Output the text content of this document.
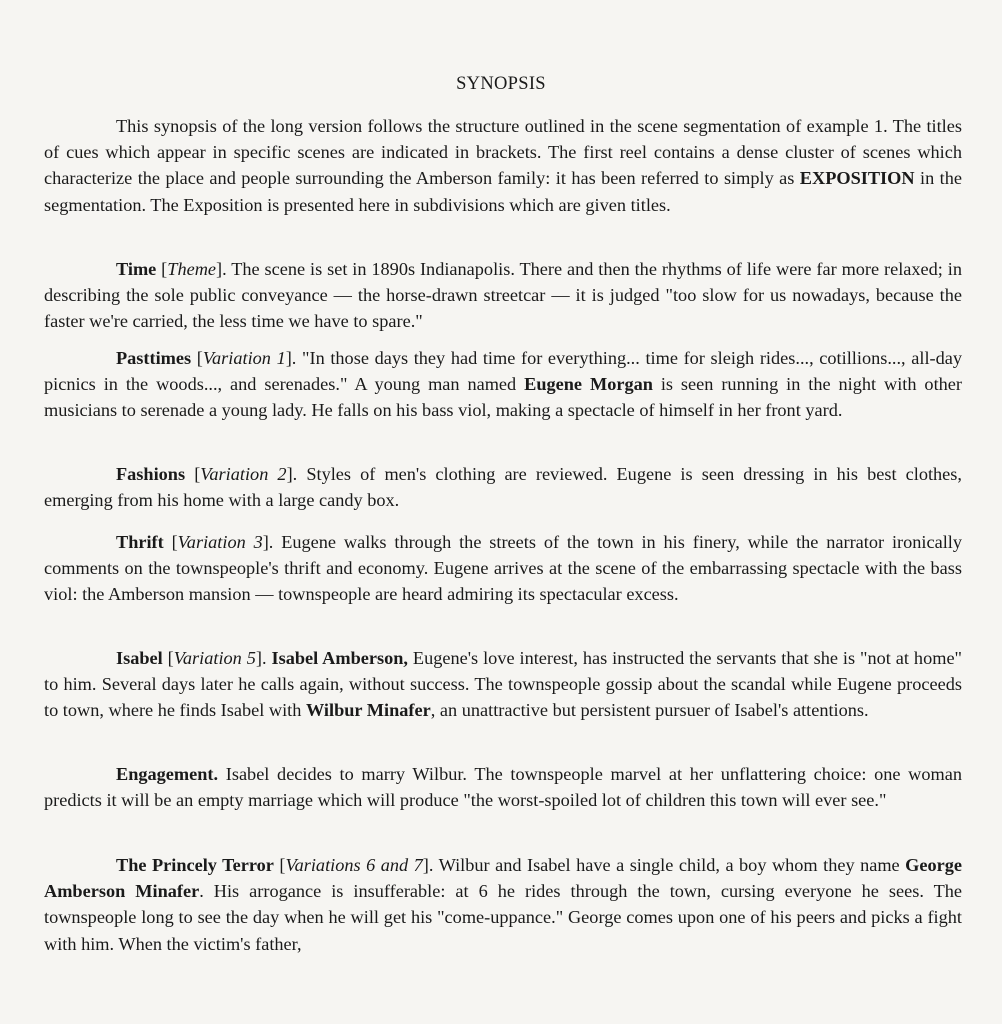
SYNOPSIS

This synopsis of the long version follows the structure outlined in the scene segmentation of example 1. The titles of cues which appear in specific scenes are indicated in brackets. The first reel contains a dense cluster of scenes which characterize the place and people surrounding the Amberson family: it has been referred to simply as EXPOSITION in the segmentation. The Exposition is presented here in subdivisions which are given titles.

Time [Theme]. The scene is set in 1890s Indianapolis. There and then the rhythms of life were far more relaxed; in describing the sole public conveyance — the horse-drawn streetcar — it is judged "too slow for us nowadays, because the faster we're carried, the less time we have to spare."

Pasttimes [Variation 1]. "In those days they had time for everything... time for sleigh rides..., cotillions..., all-day picnics in the woods..., and serenades." A young man named Eugene Morgan is seen running in the night with other musicians to serenade a young lady. He falls on his bass viol, making a spectacle of himself in her front yard.

Fashions [Variation 2]. Styles of men's clothing are reviewed. Eugene is seen dressing in his best clothes, emerging from his home with a large candy box.

Thrift [Variation 3]. Eugene walks through the streets of the town in his finery, while the narrator ironically comments on the townspeople's thrift and economy. Eugene arrives at the scene of the embarrassing spectacle with the bass viol: the Amberson mansion — townspeople are heard admiring its spectacular excess.

Isabel [Variation 5]. Isabel Amberson, Eugene's love interest, has instructed the servants that she is "not at home" to him. Several days later he calls again, without success. The townspeople gossip about the scandal while Eugene proceeds to town, where he finds Isabel with Wilbur Minafer, an unattractive but persistent pursuer of Isabel's attentions.

Engagement. Isabel decides to marry Wilbur. The townspeople marvel at her unflattering choice: one woman predicts it will be an empty marriage which will produce "the worst-spoiled lot of children this town will ever see."

The Princely Terror [Variations 6 and 7]. Wilbur and Isabel have a single child, a boy whom they name George Amberson Minafer. His arrogance is insufferable: at 6 he rides through the town, cursing everyone he sees. The townspeople long to see the day when he will get his "come-uppance." George comes upon one of his peers and picks a fight with him. When the victim's father,
